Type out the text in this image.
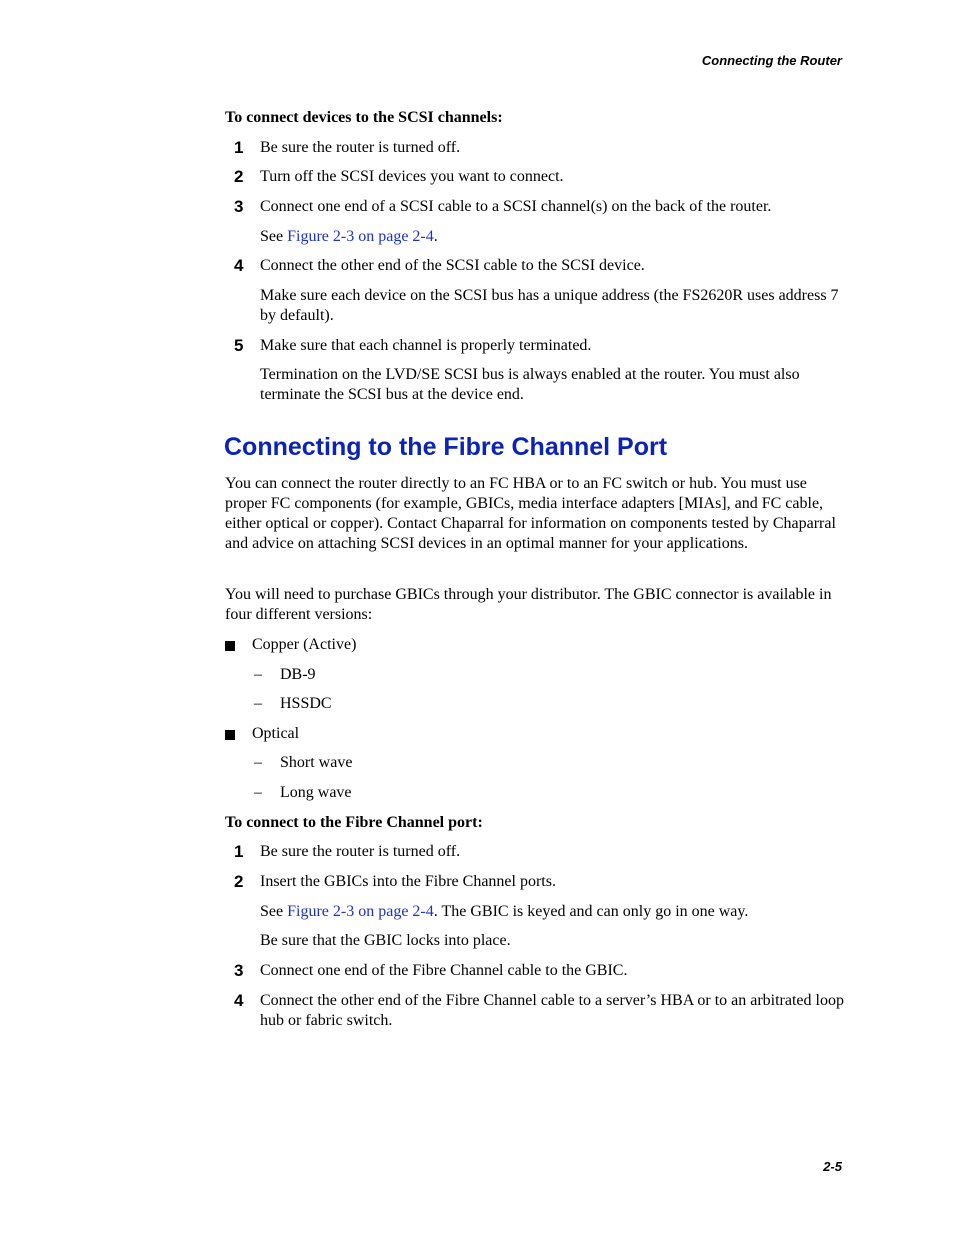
Connecting the Router
To connect devices to the SCSI channels:
1 Be sure the router is turned off.
2 Turn off the SCSI devices you want to connect.
3 Connect one end of a SCSI cable to a SCSI channel(s) on the back of the router.
See Figure 2-3 on page 2-4.
4 Connect the other end of the SCSI cable to the SCSI device.
Make sure each device on the SCSI bus has a unique address (the FS2620R uses address 7 by default).
5 Make sure that each channel is properly terminated.
Termination on the LVD/SE SCSI bus is always enabled at the router. You must also terminate the SCSI bus at the device end.
Connecting to the Fibre Channel Port
You can connect the router directly to an FC HBA or to an FC switch or hub. You must use proper FC components (for example, GBICs, media interface adapters [MIAs], and FC cable, either optical or copper). Contact Chaparral for information on components tested by Chaparral and advice on attaching SCSI devices in an optimal manner for your applications.
You will need to purchase GBICs through your distributor. The GBIC connector is available in four different versions:
Copper (Active)
– DB-9
– HSSDC
Optical
– Short wave
– Long wave
To connect to the Fibre Channel port:
1 Be sure the router is turned off.
2 Insert the GBICs into the Fibre Channel ports.
See Figure 2-3 on page 2-4. The GBIC is keyed and can only go in one way.
Be sure that the GBIC locks into place.
3 Connect one end of the Fibre Channel cable to the GBIC.
4 Connect the other end of the Fibre Channel cable to a server’s HBA or to an arbitrated loop hub or fabric switch.
2-5
